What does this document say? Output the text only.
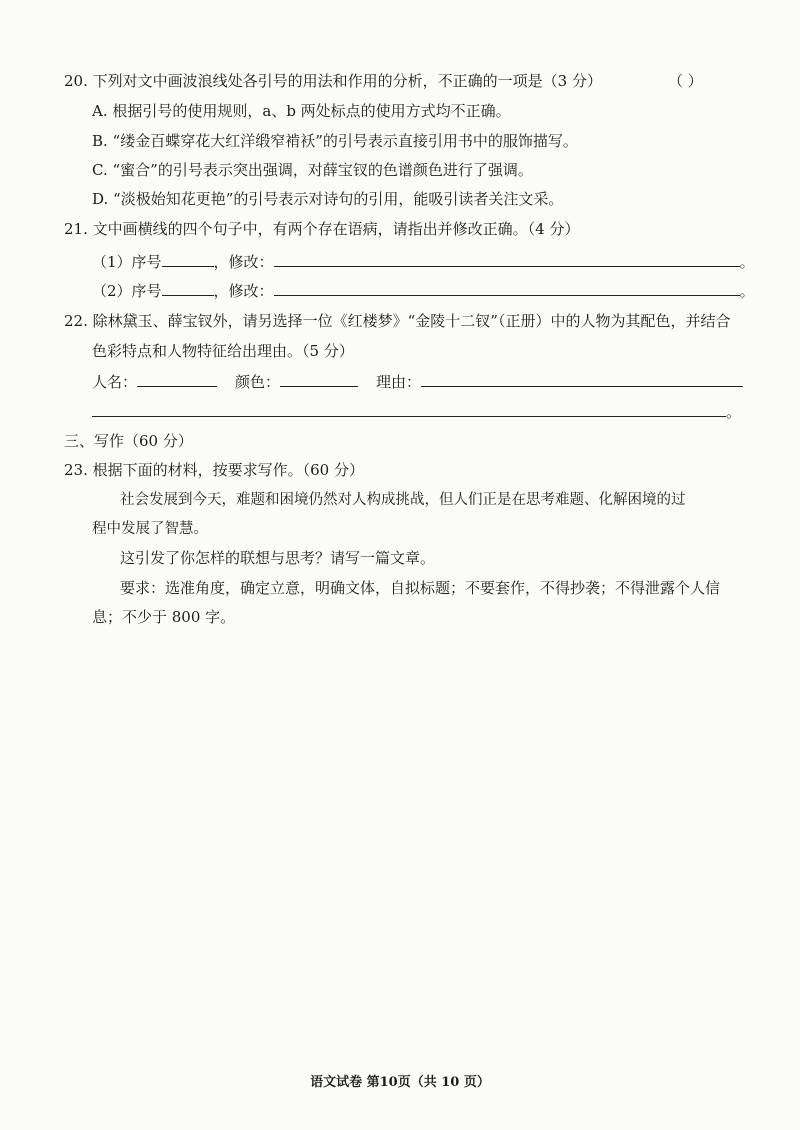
20. 下列对文中画波浪线处各引号的用法和作用的分析，不正确的一项是（3 分）	（ ）
A. 根据引号的使用规则，a、b 两处标点的使用方式均不正确。
B. “缕金百蝶穿花大红洋缎窄褃袄”的引号表示直接引用书中的服饰描写。
C. “蜜合”的引号表示突出强调，对薛宝钗的色谱颜色进行了强调。
D. “淡极始知花更艳”的引号表示对诗句的引用，能吸引读者关注文采。
21. 文中画横线的四个句子中，有两个存在语病，请指出并修改正确。（4 分）
（1）序号	，修改：	。
（2）序号	，修改：	。
22. 除林黛玉、薛宝钗外，请另选择一位《红楼梦》“金陵十二钗”（正册）中的人物为其配色，并结合
色彩特点和人物特征给出理由。（5 分）
人名：	颜色：	理由：
。
三、写作（60 分）
23. 根据下面的材料，按要求写作。（60 分）
社会发展到今天，难题和困境仍然对人构成挑战，但人们正是在思考难题、化解困境的过
程中发展了智慧。
这引发了你怎样的联想与思考？请写一篇文章。
要求：选准角度，确定立意，明确文体，自拟标题；不要套作，不得抄袭；不得泄露个人信
息；不少于 800 字。
语文试卷 第10页（共 10 页）
